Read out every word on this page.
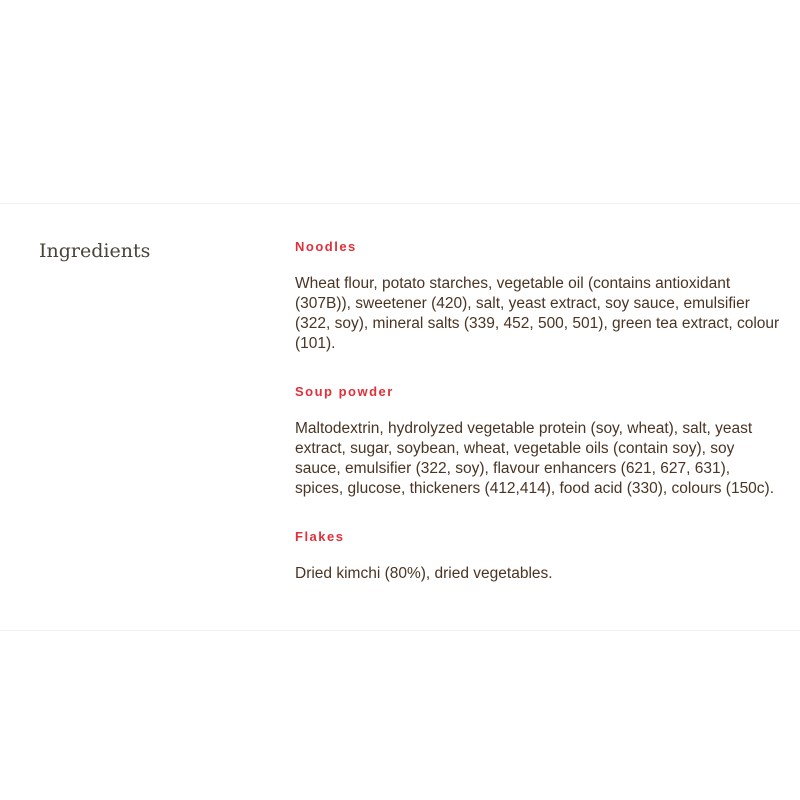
Ingredients	Noodles

Wheat flour, potato starches, vegetable oil (contains antioxidant (307B)), sweetener (420), salt, yeast extract, soy sauce, emulsifier (322, soy), mineral salts (339, 452, 500, 501), green tea extract, colour (101).

Soup powder

Maltodextrin, hydrolyzed vegetable protein (soy, wheat), salt, yeast extract, sugar, soybean, wheat, vegetable oils (contain soy), soy sauce, emulsifier (322, soy), flavour enhancers (621, 627, 631), spices, glucose, thickeners (412,414), food acid (330), colours (150c).

Flakes

Dried kimchi (80%), dried vegetables.
